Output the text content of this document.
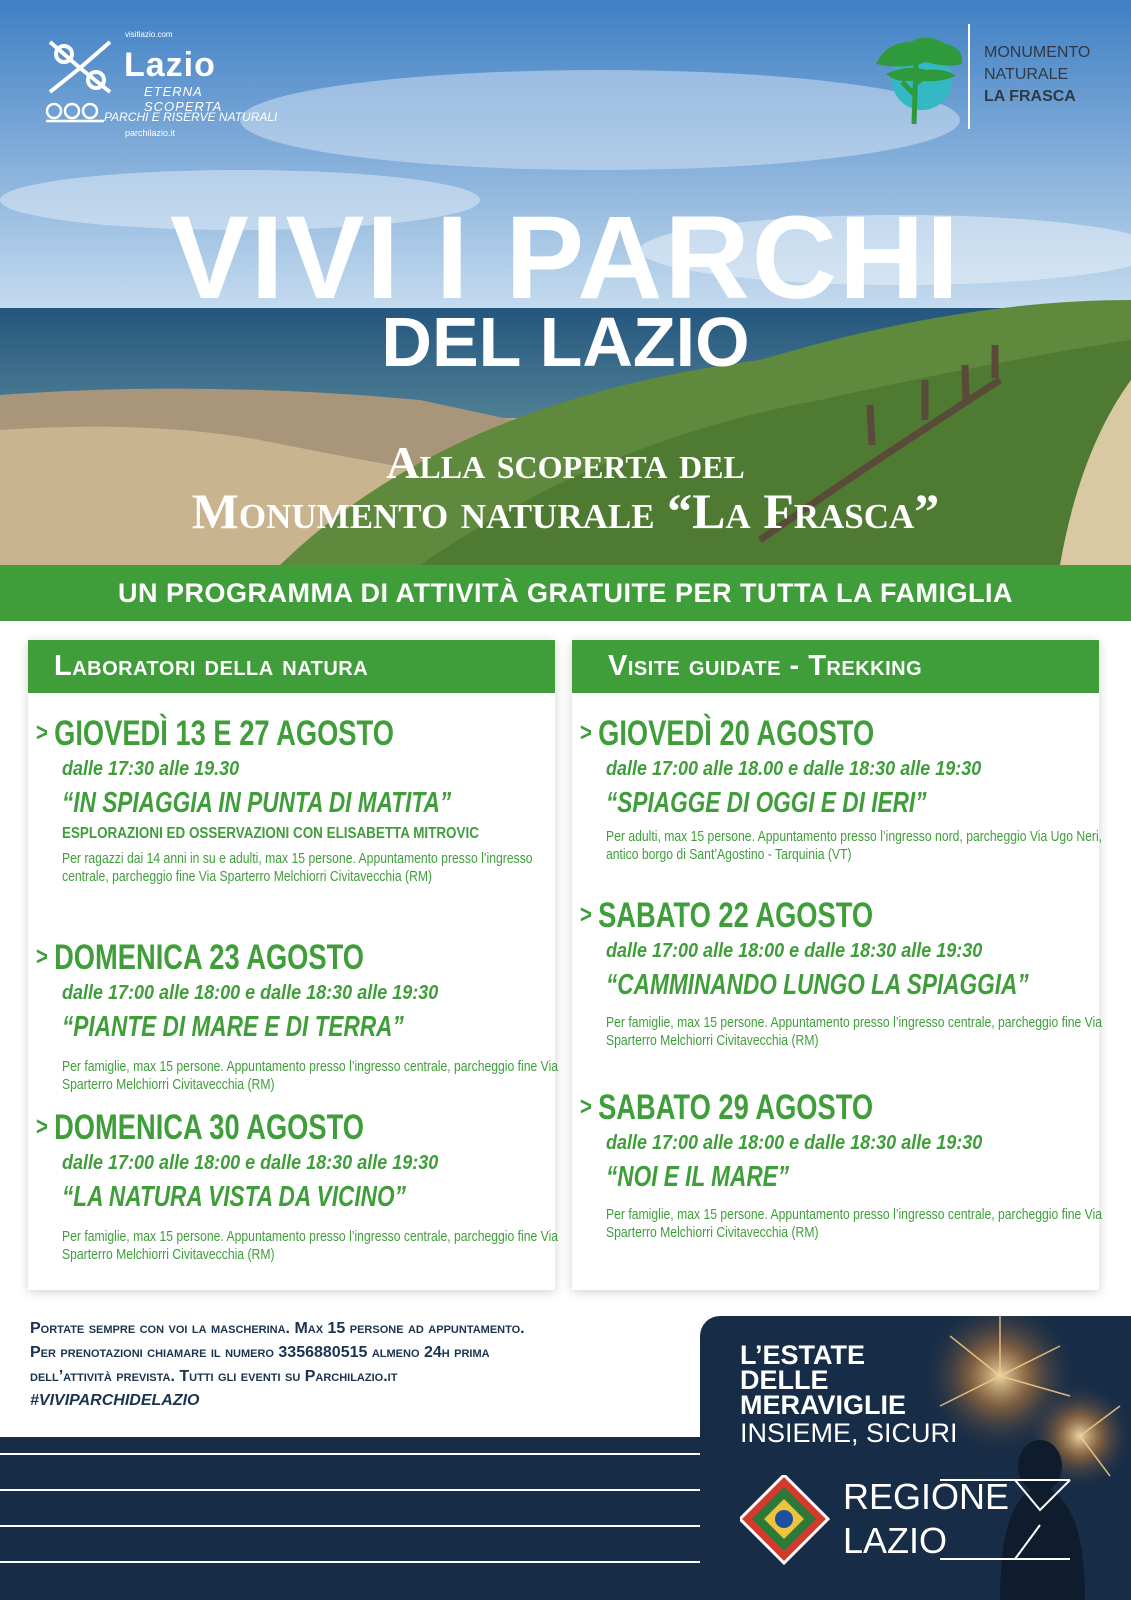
visitlazio.com
Lazio
ETERNA SCOPERTA
PARCHI E RISERVE NATURALI
parchilazio.it
MONUMENTO
NATURALE
LA FRASCA
VIVI I PARCHI
DEL LAZIO
Alla scoperta del
Monumento naturale “La Frasca”
UN PROGRAMMA DI ATTIVITÀ GRATUITE PER TUTTA LA FAMIGLIA
Laboratori della natura
> GIOVEDÌ 13 E 27 AGOSTO
dalle 17:30 alle 19.30
“IN SPIAGGIA IN PUNTA DI MATITA”
ESPLORAZIONI ED OSSERVAZIONI CON ELISABETTA MITROVIC
Per ragazzi dai 14 anni in su e adulti, max 15 persone. Appuntamento presso l’ingresso centrale, parcheggio fine Via Sparterro Melchiorri Civitavecchia (RM)
> DOMENICA 23 AGOSTO
dalle 17:00 alle 18:00 e dalle 18:30 alle 19:30
“PIANTE DI MARE E DI TERRA”
Per famiglie, max 15 persone. Appuntamento presso l’ingresso centrale, parcheggio fine Via Sparterro Melchiorri Civitavecchia (RM)
> DOMENICA 30 AGOSTO
dalle 17:00 alle 18:00 e dalle 18:30 alle 19:30
“LA NATURA VISTA DA VICINO”
Per famiglie, max 15 persone. Appuntamento presso l’ingresso centrale, parcheggio fine Via Sparterro Melchiorri Civitavecchia (RM)
Visite guidate - Trekking
> GIOVEDÌ 20 AGOSTO
dalle 17:00 alle 18.00 e dalle 18:30 alle 19:30
“SPIAGGE DI OGGI E DI IERI”
Per adulti, max 15 persone. Appuntamento presso l’ingresso nord, parcheggio Via Ugo Neri, antico borgo di Sant’Agostino - Tarquinia (VT)
> SABATO 22 AGOSTO
dalle 17:00 alle 18:00 e dalle 18:30 alle 19:30
“CAMMINANDO LUNGO LA SPIAGGIA”
Per famiglie, max 15 persone. Appuntamento presso l’ingresso centrale, parcheggio fine Via Sparterro Melchiorri Civitavecchia (RM)
> SABATO 29 AGOSTO
dalle 17:00 alle 18:00 e dalle 18:30 alle 19:30
“NOI E IL MARE”
Per famiglie, max 15 persone. Appuntamento presso l’ingresso centrale, parcheggio fine Via Sparterro Melchiorri Civitavecchia (RM)
Portate sempre con voi la mascherina. Max 15 persone ad appuntamento.
Per prenotazioni chiamare il numero 3356880515 almeno 24h prima
dell’attività prevista. Tutti gli eventi su Parchilazio.it
#VIVIPARCHIDELAZIO
L’ESTATE
DELLE
MERAVIGLIE
INSIEME, SICURI
REGIONE
LAZIO
